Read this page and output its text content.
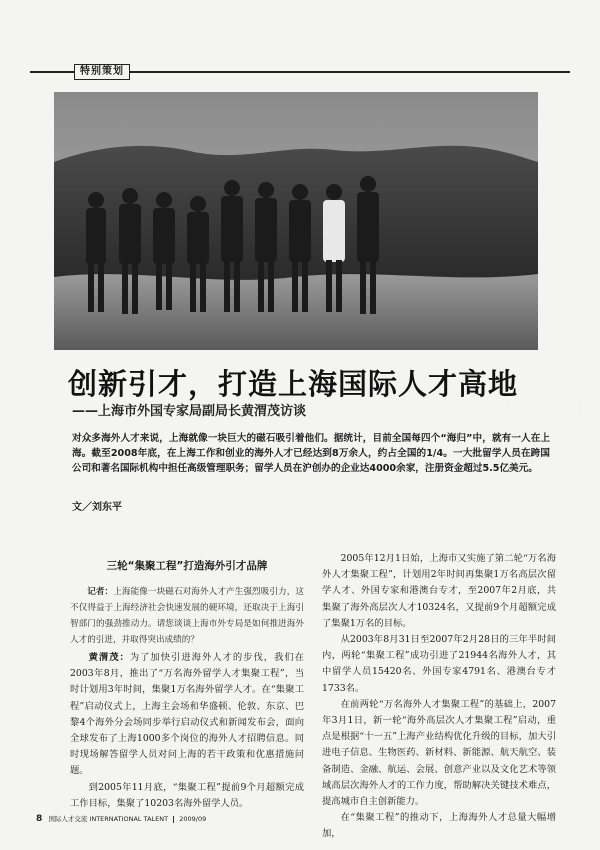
特别策划
黄渭茂副局长（右四）带领上海引进的海外人才赴西藏
创新引才，打造上海国际人才高地
——上海市外国专家局副局长黄渭茂访谈
对众多海外人才来说，上海就像一块巨大的磁石吸引着他们。据统计，目前全国每四个“海归”中，就有一人在上海。截至2008年底，在上海工作和创业的海外人才已经达到8万余人，约占全国的1/4。一大批留学人员在跨国公司和著名国际机构中担任高级管理职务；留学人员在沪创办的企业达4000余家，注册资金超过5.5亿美元。
文／刘东平
三轮“集聚工程”打造海外引才品牌

记者：上海能像一块磁石对海外人才产生强烈吸引力，这不仅得益于上海经济社会快速发展的硬环境，还取决于上海引智部门的强劲推动力。请您谈谈上海市外专局是如何推进海外人才的引进，并取得突出成绩的？

黄渭茂：为了加快引进海外人才的步伐，我们在2003年8月，推出了“万名海外留学人才集聚工程”，当时计划用3年时间，集聚1万名海外留学人才。在“集聚工程”启动仪式上，上海主会场和华盛顿、伦敦、东京、巴黎4个海外分会场同步举行启动仪式和新闻发布会，面向全球发布了上海1000多个岗位的海外人才招聘信息。同时现场解答留学人员对问上海的若干政策和优惠措施问题。

到2005年11月底，“集聚工程”提前9个月超额完成工作目标，集聚了10203名海外留学人员。

2005年12月1日始，上海市又实施了第二轮“万名海外人才集聚工程”，计划用2年时间再集聚1万名高层次留学人才、外国专家和港澳台专才，至2007年2月底，共集聚了海外高层次人才10324名，又提前9个月超额完成了集聚1万名的目标。

从2003年8月31日至2007年2月28日的三年半时间内，两轮“集聚工程”成功引进了21944名海外人才，其中留学人员15420名、外国专家4791名、港澳台专才1733名。

在前两轮“万名海外人才集聚工程”的基础上，2007年3月1日，新一轮“海外高层次人才集聚工程”启动，重点是根据“十一五”上海产业结构优化升级的目标，加大引进电子信息、生物医药、新材料、新能源、航天航空、装备制造、金融、航运、会展、创意产业以及文化艺术等领域高层次海外人才的工作力度，帮助解决关键技术难点，提高城市自主创新能力。

在“集聚工程”的推动下，上海海外人才总量大幅增加，

8 国际人才交流 INTERNATIONAL TALENT 2009/09
